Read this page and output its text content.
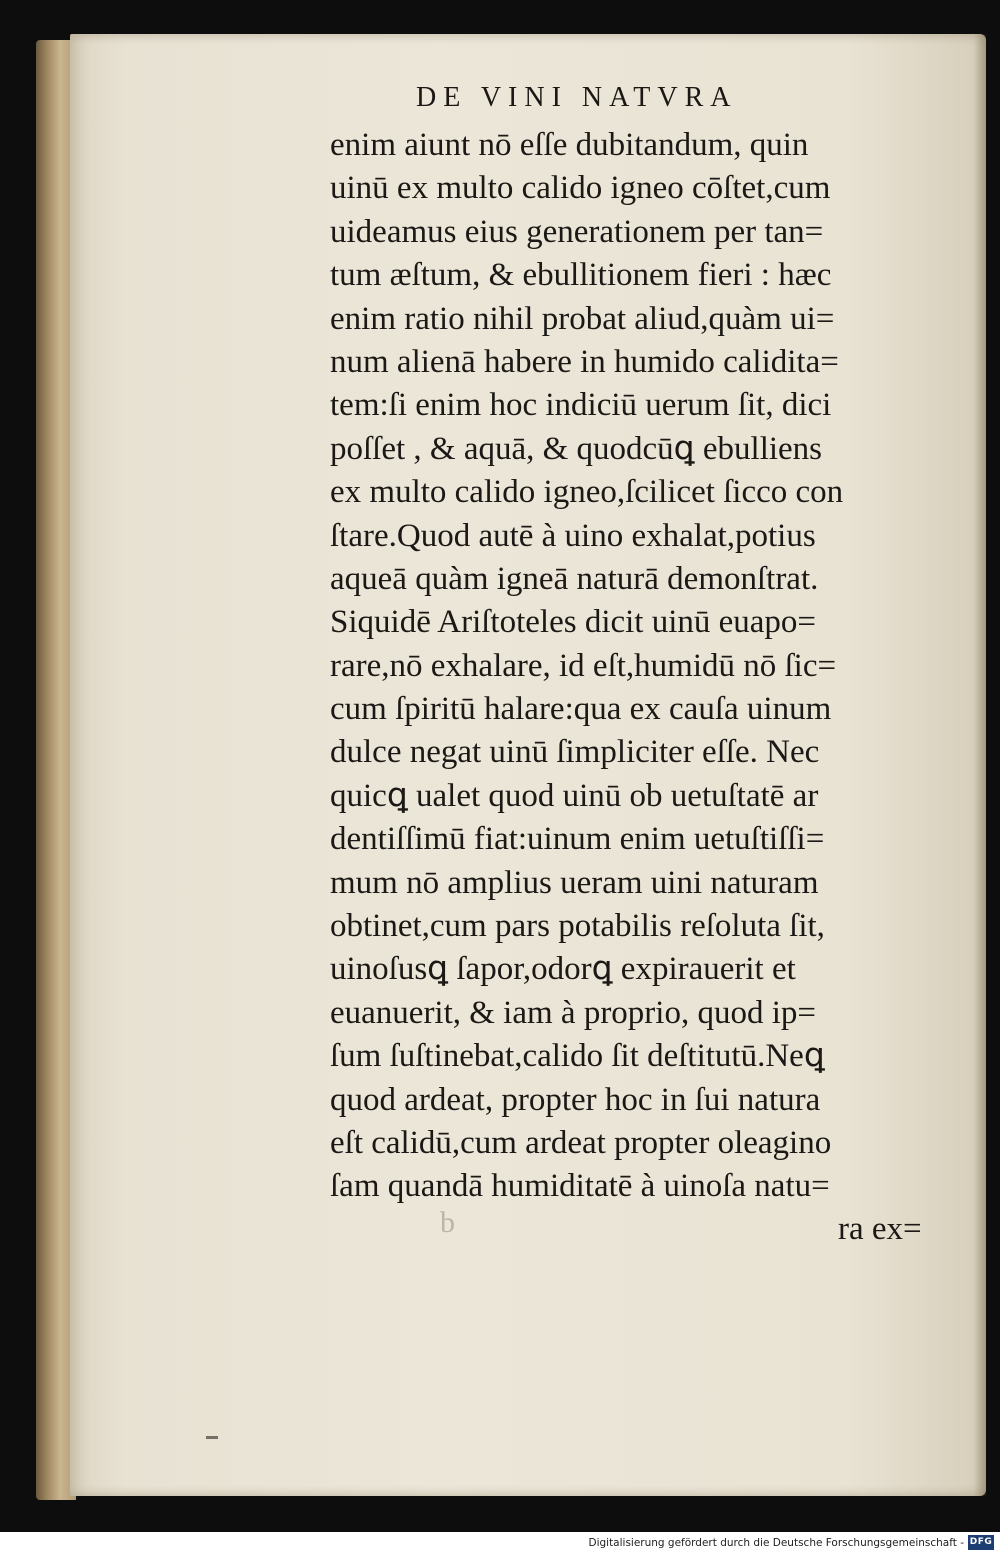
DE VINI NATVRA
enim aiunt nō eſſe dubitandum, quin
uinū ex multo calido igneo cōſtet,cum
uideamus eius generationem per tan=
tum æſtum, & ebullitionem fieri : hæc
enim ratio nihil probat aliud,quàm ui=
num alienā habere in humido calidita=
tem:ſi enim hoc indiciū uerum ſit, dici
poſſet , & aquā, & quodcūꝗ ebulliens
ex multo calido igneo,ſcilicet ſicco con
ſtare.Quod autē à uino exhalat,potius
aqueā quàm igneā naturā demonſtrat.
Siquidē Ariſtoteles dicit uinū euapo=
rare,nō exhalare, id eſt,humidū nō ſic=
cum ſpiritū halare:qua ex cauſa uinum
dulce negat uinū ſimpliciter eſſe. Nec
quicꝗ ualet quod uinū ob uetuſtatē ar
dentiſſimū fiat:uinum enim uetuſtiſſi=
mum nō amplius ueram uini naturam
obtinet,cum pars potabilis reſoluta ſit,
uinoſusꝗ ſapor,odorꝗ expirauerit et
euanuerit, & iam à proprio, quod ip=
ſum ſuſtinebat,calido ſit deſtitutū.Neꝗ
quod ardeat, propter hoc in ſui natura
eſt calidū,cum ardeat propter oleagino
ſam quandā humiditatē à uinoſa natu=
b	ra ex=
Digitalisierung gefördert durch die Deutsche Forschungsgemeinschaft - DFG
